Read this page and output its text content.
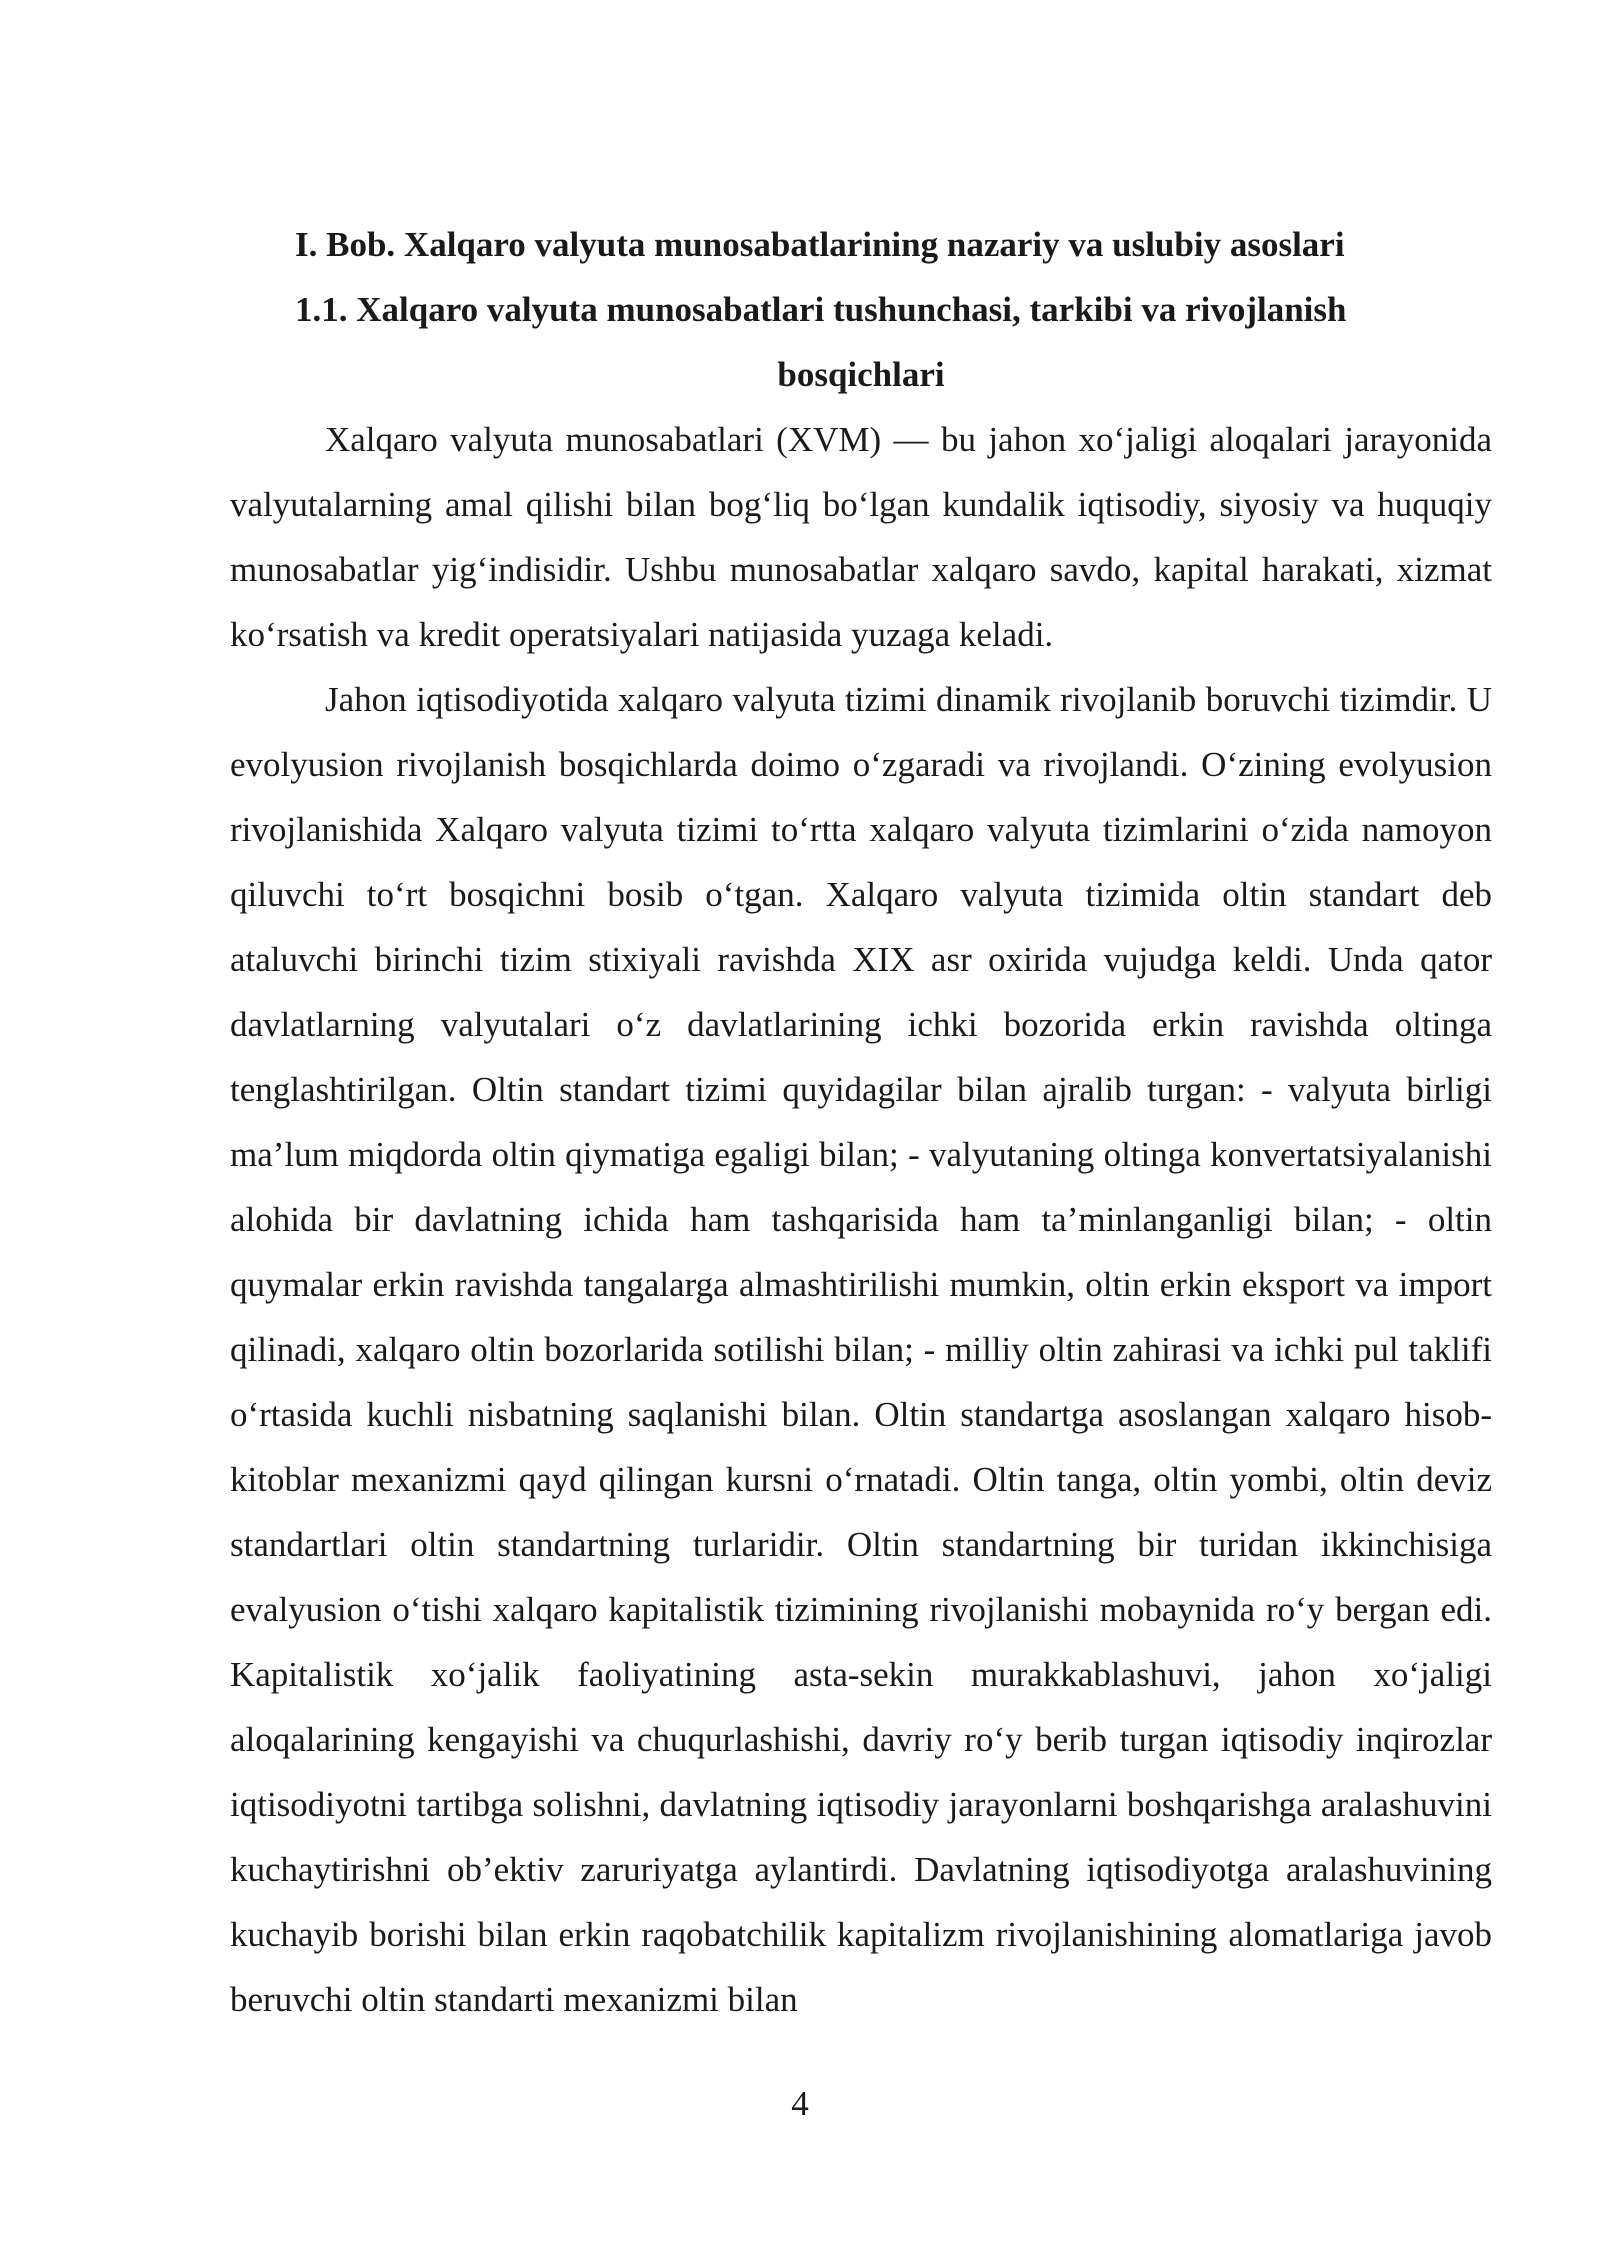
I. Bob. Xalqaro valyuta munosabatlarining nazariy va uslubiy asoslari
1.1. Xalqaro valyuta munosabatlari tushunchasi, tarkibi va rivojlanish
bosqichlari

Xalqaro valyuta munosabatlari (XVM) — bu jahon xo‘jaligi aloqalari jarayonida valyutalarning amal qilishi bilan bog‘liq bo‘lgan kundalik iqtisodiy, siyosiy va huquqiy munosabatlar yig‘indisidir. Ushbu munosabatlar xalqaro savdo, kapital harakati, xizmat ko‘rsatish va kredit operatsiyalari natijasida yuzaga keladi.

Jahon iqtisodiyotida xalqaro valyuta tizimi dinamik rivojlanib boruvchi tizimdir. U evolyusion rivojlanish bosqichlarda doimo o‘zgaradi va rivojlandi. O‘zining evolyusion rivojlanishida Xalqaro valyuta tizimi to‘rtta xalqaro valyuta tizimlarini o‘zida namoyon qiluvchi to‘rt bosqichni bosib o‘tgan. Xalqaro valyuta tizimida oltin standart deb ataluvchi birinchi tizim stixiyali ravishda XIX asr oxirida vujudga keldi. Unda qator davlatlarning valyutalari o‘z davlatlarining ichki bozorida erkin ravishda oltinga tenglashtirilgan. Oltin standart tizimi quyidagilar bilan ajralib turgan: - valyuta birligi ma’lum miqdorda oltin qiymatiga egaligi bilan; - valyutaning oltinga konvertatsiyalanishi alohida bir davlatning ichida ham tashqarisida ham ta’minlanganligi bilan; - oltin quymalar erkin ravishda tangalarga almashtirilishi mumkin, oltin erkin eksport va import qilinadi, xalqaro oltin bozorlarida sotilishi bilan; - milliy oltin zahirasi va ichki pul taklifi o‘rtasida kuchli nisbatning saqlanishi bilan. Oltin standartga asoslangan xalqaro hisob-kitoblar mexanizmi qayd qilingan kursni o‘rnatadi. Oltin tanga, oltin yombi, oltin deviz standartlari oltin standartning turlaridir. Oltin standartning bir turidan ikkinchisiga evalyusion o‘tishi xalqaro kapitalistik tizimining rivojlanishi mobaynida ro‘y bergan edi. Kapitalistik xo‘jalik faoliyatining asta-sekin murakkablashuvi, jahon xo‘jaligi aloqalarining kengayishi va chuqurlashishi, davriy ro‘y berib turgan iqtisodiy inqirozlar iqtisodiyotni tartibga solishni, davlatning iqtisodiy jarayonlarni boshqarishga aralashuvini kuchaytirishni ob’ektiv zaruriyatga aylantirdi. Davlatning iqtisodiyotga aralashuvining kuchayib borishi bilan erkin raqobatchilik kapitalizm rivojlanishining alomatlariga javob beruvchi oltin standarti mexanizmi bilan

4
